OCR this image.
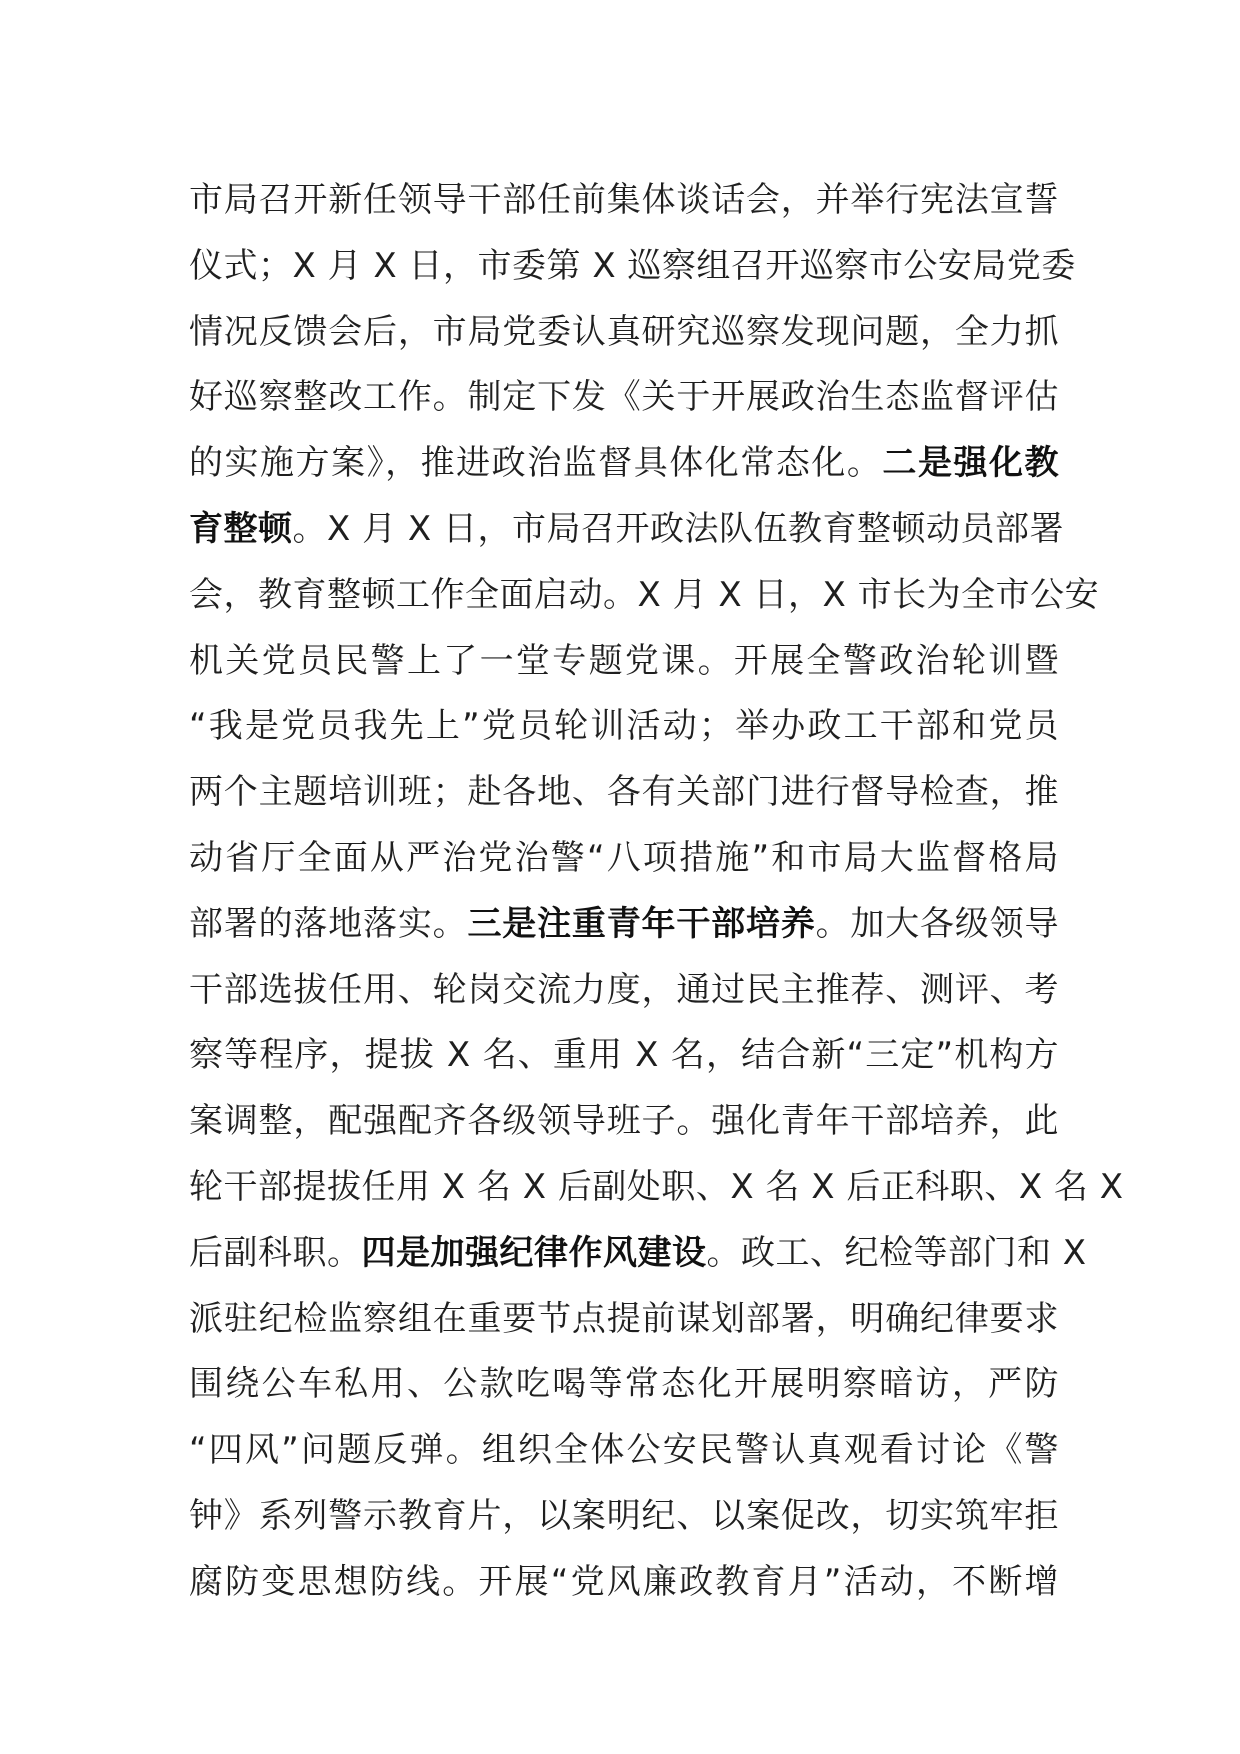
市局召开新任领导干部任前集体谈话会，并举行宪法宣誓
仪式；X 月 X 日，市委第 X 巡察组召开巡察市公安局党委
情况反馈会后，市局党委认真研究巡察发现问题，全力抓
好巡察整改工作。制定下发《关于开展政治生态监督评估
的实施方案》，推进政治监督具体化常态化。二是强化教
育整顿。X 月 X 日，市局召开政法队伍教育整顿动员部署
会，教育整顿工作全面启动。X 月 X 日，X 市长为全市公安
机关党员民警上了一堂专题党课。开展全警政治轮训暨
“我是党员我先上”党员轮训活动；举办政工干部和党员
两个主题培训班；赴各地、各有关部门进行督导检查，推
动省厅全面从严治党治警“八项措施”和市局大监督格局
部署的落地落实。三是注重青年干部培养。加大各级领导
干部选拔任用、轮岗交流力度，通过民主推荐、测评、考
察等程序，提拔 X 名、重用 X 名，结合新“三定”机构方
案调整，配强配齐各级领导班子。强化青年干部培养，此
轮干部提拔任用 X 名 X 后副处职、X 名 X 后正科职、X 名 X
后副科职。四是加强纪律作风建设。政工、纪检等部门和 X
派驻纪检监察组在重要节点提前谋划部署，明确纪律要求
围绕公车私用、公款吃喝等常态化开展明察暗访，严防
“四风”问题反弹。组织全体公安民警认真观看讨论《警
钟》系列警示教育片，以案明纪、以案促改，切实筑牢拒
腐防变思想防线。开展“党风廉政教育月”活动，不断增
